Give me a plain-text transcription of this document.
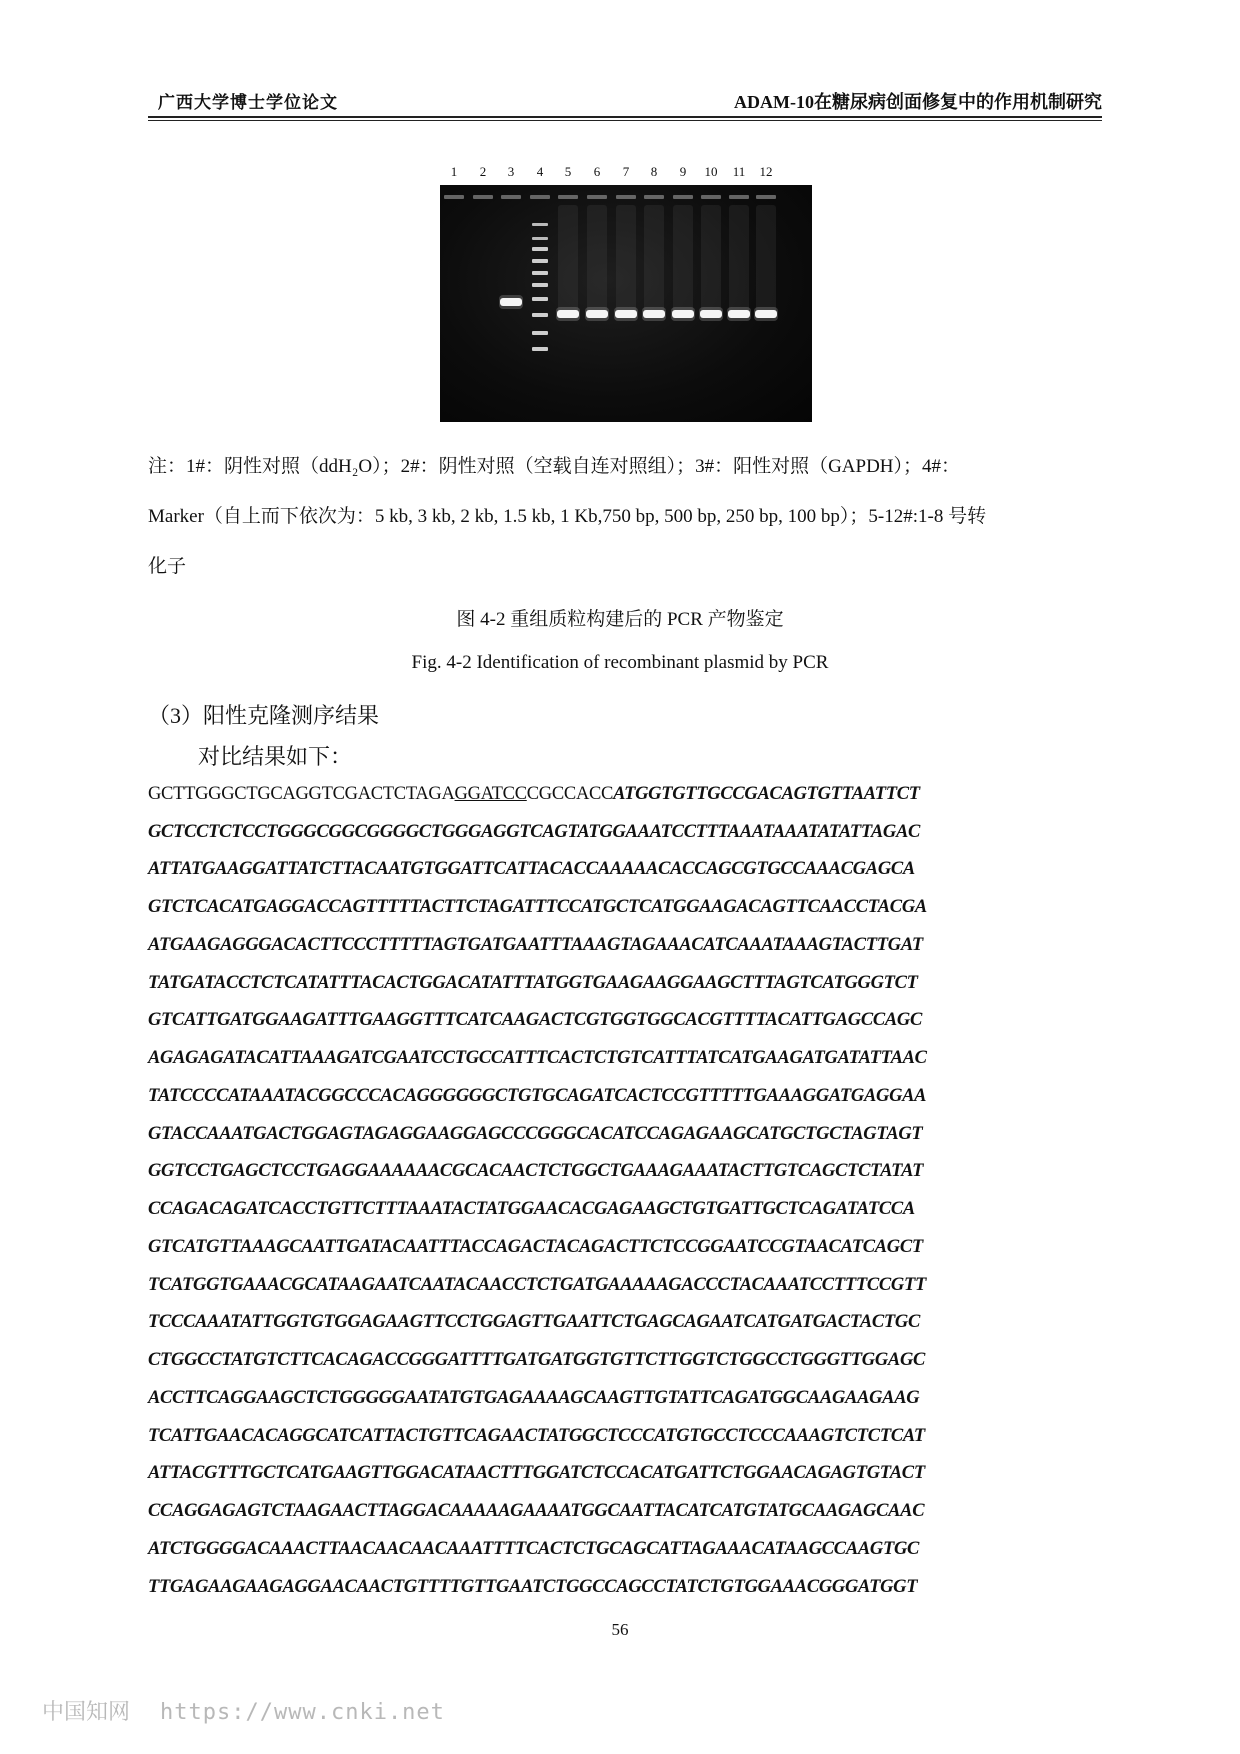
广西大学博士学位论文	ADAM-10在糖尿病创面修复中的作用机制研究
1 2 3 4 5 6 7 8 9 10 11 12
注：1#：阴性对照（ddH₂O）；2#：阴性对照（空载自连对照组）；3#：阳性对照（GAPDH）；4#：
Marker（自上而下依次为：5 kb, 3 kb, 2 kb, 1.5 kb, 1 Kb,750 bp, 500 bp, 250 bp, 100 bp）；5-12#:1-8 号转
化子
图 4-2 重组质粒构建后的 PCR 产物鉴定
Fig. 4-2 Identification of recombinant plasmid by PCR
（3）阳性克隆测序结果
对比结果如下：
GCTTGGGCTGCAGGTCGACTCTAGAGGATCCCGCCACCATGGTGTTGCCGACAGTGTTAATTCT
GCTCCTCTCCTGGGCGGCGGGGCTGGGAGGTCAGTATGGAAATCCTTTAAATAAATATATTAGAC
ATTATGAAGGATTATCTTACAATGTGGATTCATTACACCAAAAACACCAGCGTGCCAAACGAGCA
GTCTCACATGAGGACCAGTTTTTACTTCTAGATTTCCATGCTCATGGAAGACAGTTCAACCTACGA
ATGAAGAGGGACACTTCCCTTTTTAGTGATGAATTTAAAGTAGAAACATCAAATAAAGTACTTGAT
TATGATACCTCTCATATTTACACTGGACATATTTATGGTGAAGAAGGAAGCTTTAGTCATGGGTCT
GTCATTGATGGAAGATTTGAAGGTTTCATCAAGACTCGTGGTGGCACGTTTTACATTGAGCCAGC
AGAGAGATACATTAAAGATCGAATCCTGCCATTTCACTCTGTCATTTATCATGAAGATGATATTAAC
TATCCCCATAAATACGGCCCACAGGGGGGCTGTGCAGATCACTCCGTTTTTGAAAGGATGAGGAA
GTACCAAATGACTGGAGTAGAGGAAGGAGCCCGGGCACATCCAGAGAAGCATGCTGCTAGTAGT
GGTCCTGAGCTCCTGAGGAAAAAACGCACAACTCTGGCTGAAAGAAATACTTGTCAGCTCTATAT
CCAGACAGATCACCTGTTCTTTAAATACTATGGAACACGAGAAGCTGTGATTGCTCAGATATCCA
GTCATGTTAAAGCAATTGATACAATTTACCAGACTACAGACTTCTCCGGAATCCGTAACATCAGCT
TCATGGTGAAACGCATAAGAATCAATACAACCTCTGATGAAAAAGACCCTACAAATCCTTTCCGTT
TCCCAAATATTGGTGTGGAGAAGTTCCTGGAGTTGAATTCTGAGCAGAATCATGATGACTACTGC
CTGGCCTATGTCTTCACAGACCGGGATTTTGATGATGGTGTTCTTGGTCTGGCCTGGGTTGGAGC
ACCTTCAGGAAGCTCTGGGGGAATATGTGAGAAAAGCAAGTTGTATTCAGATGGCAAGAAGAAG
TCATTGAACACAGGCATCATTACTGTTCAGAACTATGGCTCCCATGTGCCTCCCAAAGTCTCTCAT
ATTACGTTTGCTCATGAAGTTGGACATAACTTTGGATCTCCACATGATTCTGGAACAGAGTGTACT
CCAGGAGAGTCTAAGAACTTAGGACAAAAAGAAAATGGCAATTACATCATGTATGCAAGAGCAAC
ATCTGGGGACAAACTTAACAACAACAAATTTTCACTCTGCAGCATTAGAAACATAAGCCAAGTGC
TTGAGAAGAAGAGGAACAACTGTTTTGTTGAATCTGGCCAGCCTATCTGTGGAAACGGGATGGT
56
中国知网 https://www.cnki.net
